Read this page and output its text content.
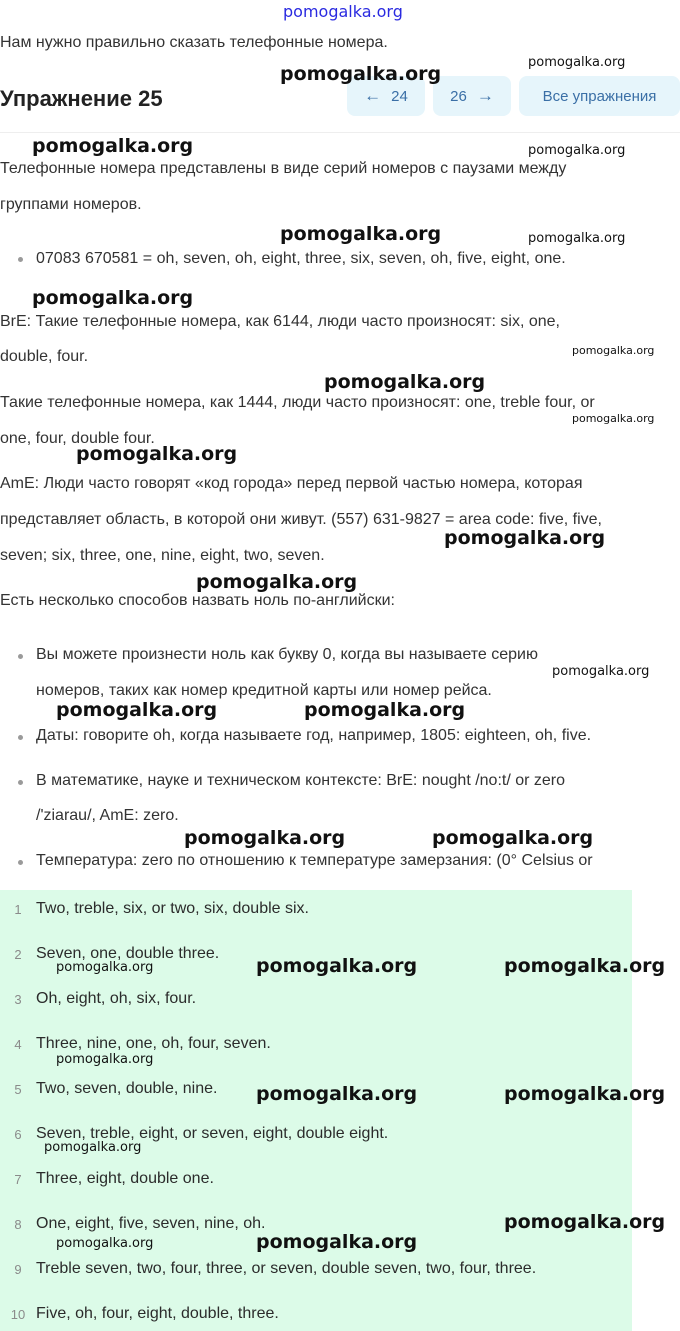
pomogalka.org
Нам нужно правильно сказать телефонные номера.
Упражнение 25	← 24	26 →	Все упражнения
Телефонные номера представлены в виде серий номеров с паузами между
группами номеров.
07083 670581 = oh, seven, oh, eight, three, six, seven, oh, five, eight, one.
BrE: Такие телефонные номера, как 6144, люди часто произносят: six, one,
double, four.
Такие телефонные номера, как 1444, люди часто произносят: one, treble four, or
one, four, double four.
AmE: Люди часто говорят «код города» перед первой частью номера, которая
представляет область, в которой они живут. (557) 631-9827 = area code: five, five,
seven; six, three, one, nine, eight, two, seven.
Есть несколько способов назвать ноль по-английски:
Вы можете произнести ноль как букву 0, когда вы называете серию
номеров, таких как номер кредитной карты или номер рейса.
Даты: говорите oh, когда называете год, например, 1805: eighteen, oh, five.
В математике, науке и техническом контексте: BrE: nought /no:t/ or zero
/'ziarau/, AmE: zero.
Температура: zero по отношению к температуре замерзания: (0° Celsius or
1 Two, treble, six, or two, six, double six.
2 Seven, one, double three.
3 Oh, eight, oh, six, four.
4 Three, nine, one, oh, four, seven.
5 Two, seven, double, nine.
6 Seven, treble, eight, or seven, eight, double eight.
7 Three, eight, double one.
8 One, eight, five, seven, nine, oh.
9 Treble seven, two, four, three, or seven, double seven, two, four, three.
10 Five, oh, four, eight, double, three.
pomogalka.org
pomogalka.org
pomogalka.org	pomogalka.org
pomogalka.org	pomogalka.org
pomogalka.org
pomogalka.org
pomogalka.org
pomogalka.org
pomogalka.org
pomogalka.org
pomogalka.org
pomogalka.org
pomogalka.org	pomogalka.org
pomogalka.org	pomogalka.org
pomogalka.org	pomogalka.org	pomogalka.org
pomogalka.org
pomogalka.org	pomogalka.org
pomogalka.org
pomogalka.org
pomogalka.org	pomogalka.org
